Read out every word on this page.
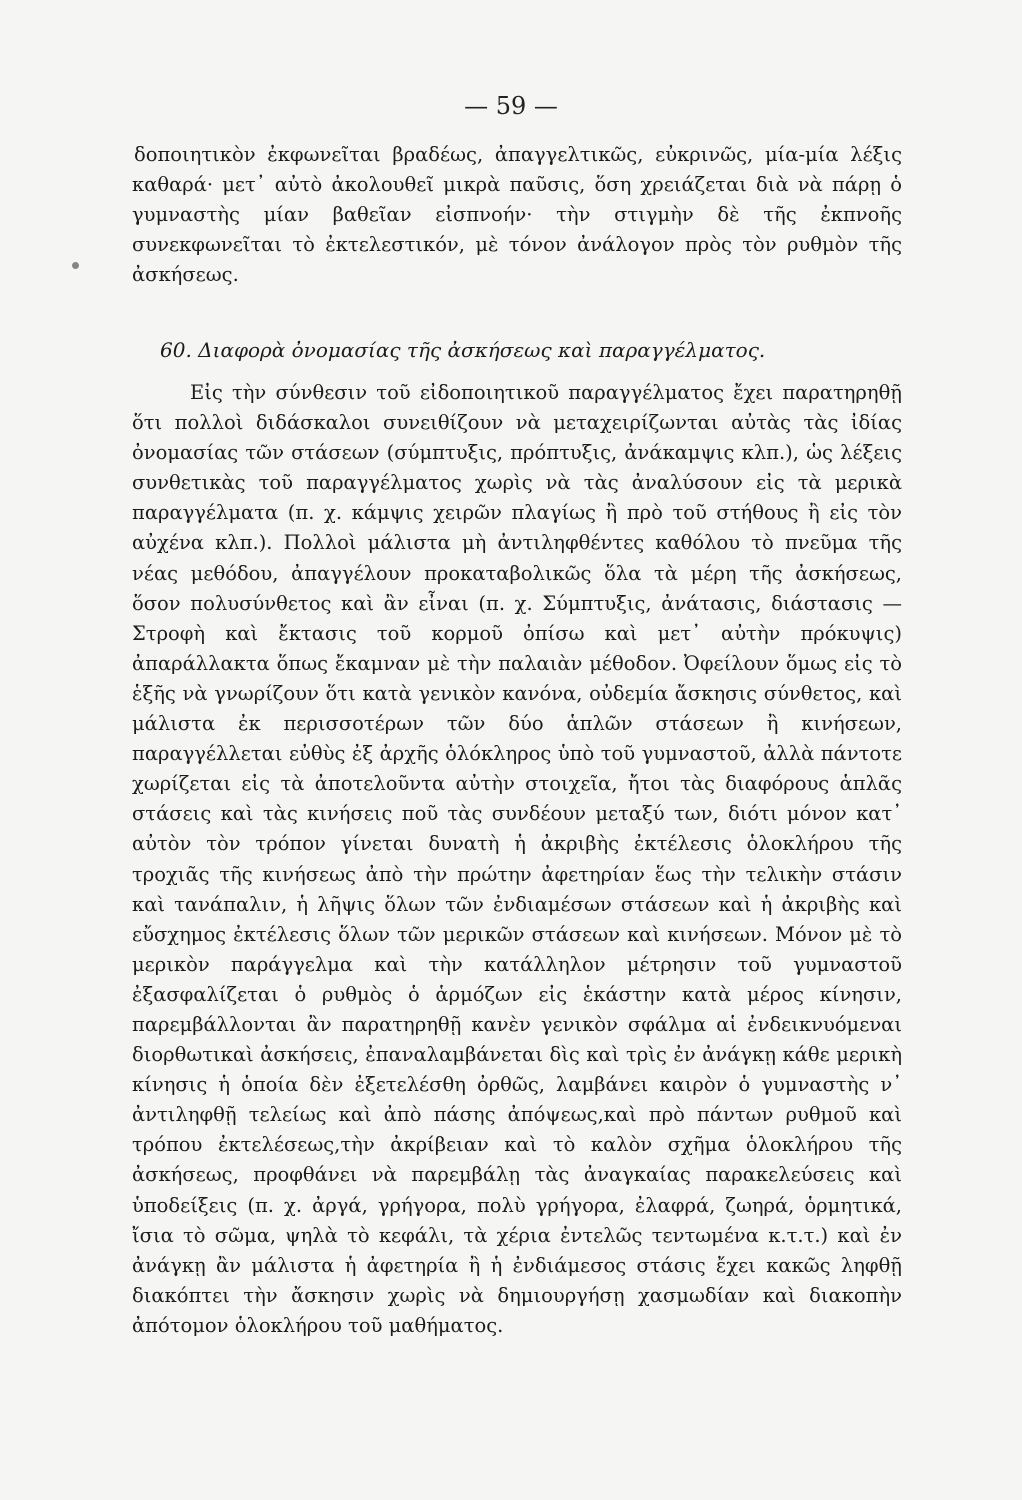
— 59 —

δοποιητικὸν ἐκφωνεῖται βραδέως, ἀπαγγελτικῶς, εὐκρινῶς, μία-μία λέξις καθαρά· μετ᾿ αὐτὸ ἀκολουθεῖ μικρὰ παῦσις, ὅση χρειάζεται διὰ νὰ πάρῃ ὁ γυμναστὴς μίαν βαθεῖαν εἰσπνοήν· τὴν στιγμὴν δὲ τῆς ἐκπνοῆς συνεκφωνεῖται τὸ ἐκτελεστικόν, μὲ τόνον ἀνάλογον πρὸς τὸν ρυθμὸν τῆς ἀσκήσεως.

60. Διαφορὰ ὀνομασίας τῆς ἀσκήσεως καὶ παραγγέλματος.

Εἰς τὴν σύνθεσιν τοῦ εἰδοποιητικοῦ παραγγέλματος ἔχει παρατηρηθῇ ὅτι πολλοὶ διδάσκαλοι συνειθίζουν νὰ μεταχειρίζωνται αὐτὰς τὰς ἰδίας ὀνομασίας τῶν στάσεων (σύμπτυξις, πρόπτυξις, ἀνάκαμψις κλπ.), ὡς λέξεις συνθετικὰς τοῦ παραγγέλματος χωρὶς νὰ τὰς ἀναλύσουν εἰς τὰ μερικὰ παραγγέλματα (π. χ. κάμψις χειρῶν πλαγίως ἢ πρὸ τοῦ στήθους ἢ εἰς τὸν αὐχένα κλπ.). Πολλοὶ μάλιστα μὴ ἀντιληφθέντες καθόλου τὸ πνεῦμα τῆς νέας μεθόδου, ἀπαγγέλουν προκαταβολικῶς ὅλα τὰ μέρη τῆς ἀσκήσεως, ὅσον πολυσύνθετος καὶ ἂν εἶναι (π. χ. Σύμπτυξις, ἀνάτασις, διάστασις — Στροφὴ καὶ ἔκτασις τοῦ κορμοῦ ὀπίσω καὶ μετ᾿ αὐτὴν πρόκυψις) ἀπαράλλακτα ὅπως ἔκαμναν μὲ τὴν παλαιὰν μέθοδον. Ὀφείλουν ὅμως εἰς τὸ ἑξῆς νὰ γνωρίζουν ὅτι κατὰ γενικὸν κανόνα, οὐδεμία ἄσκησις σύνθετος, καὶ μάλιστα ἐκ περισσοτέρων τῶν δύο ἁπλῶν στάσεων ἢ κινήσεων, παραγγέλλεται εὐθὺς ἐξ ἀρχῆς ὁλόκληρος ὑπὸ τοῦ γυμναστοῦ, ἀλλὰ πάντοτε χωρίζεται εἰς τὰ ἀποτελοῦντα αὐτὴν στοιχεῖα, ἤτοι τὰς διαφόρους ἁπλᾶς στάσεις καὶ τὰς κινήσεις ποῦ τὰς συνδέουν μεταξύ των, διότι μόνον κατ᾿ αὐτὸν τὸν τρόπον γίνεται δυνατὴ ἡ ἀκριβὴς ἐκτέλεσις ὁλοκλήρου τῆς τροχιᾶς τῆς κινήσεως ἀπὸ τὴν πρώτην ἀφετηρίαν ἕως τὴν τελικὴν στάσιν καὶ τανάπαλιν, ἡ λῆψις ὅλων τῶν ἐνδιαμέσων στάσεων καὶ ἡ ἀκριβὴς καὶ εὔσχημος ἐκτέλεσις ὅλων τῶν μερικῶν στάσεων καὶ κινήσεων. Μόνον μὲ τὸ μερικὸν παράγγελμα καὶ τὴν κατάλληλον μέτρησιν τοῦ γυμναστοῦ ἐξασφαλίζεται ὁ ρυθμὸς ὁ ἁρμόζων εἰς ἑκάστην κατὰ μέρος κίνησιν, παρεμβάλλονται ἂν παρατηρηθῇ κανὲν γενικὸν σφάλμα αἱ ἐνδεικνυόμεναι διορθωτικαὶ ἀσκήσεις, ἐπαναλαμβάνεται δὶς καὶ τρὶς ἐν ἀνάγκῃ κάθε μερικὴ κίνησις ἡ ὁποία δὲν ἐξετελέσθη ὀρθῶς, λαμβάνει καιρὸν ὁ γυμναστὴς ν᾿ ἀντιληφθῇ τελείως καὶ ἀπὸ πάσης ἀπόψεως,καὶ πρὸ πάντων ρυθμοῦ καὶ τρόπου ἐκτελέσεως,τὴν ἀκρίβειαν καὶ τὸ καλὸν σχῆμα ὁλοκλήρου τῆς ἀσκήσεως, προφθάνει νὰ παρεμβάλῃ τὰς ἀναγκαίας παρακελεύσεις καὶ ὑποδείξεις (π. χ. ἀργά, γρήγορα, πολὺ γρήγορα, ἐλαφρά, ζωηρά, ὁρμητικά, ἴσια τὸ σῶμα, ψηλὰ τὸ κεφάλι, τὰ χέρια ἐντελῶς τεντωμένα κ.τ.τ.) καὶ ἐν ἀνάγκῃ ἂν μάλιστα ἡ ἀφετηρία ἢ ἡ ἐνδιάμεσος στάσις ἔχει κακῶς ληφθῇ διακόπτει τὴν ἄσκησιν χωρὶς νὰ δημιουργήσῃ χασμωδίαν καὶ διακοπὴν ἀπότομον ὁλοκλήρου τοῦ μαθήματος.
